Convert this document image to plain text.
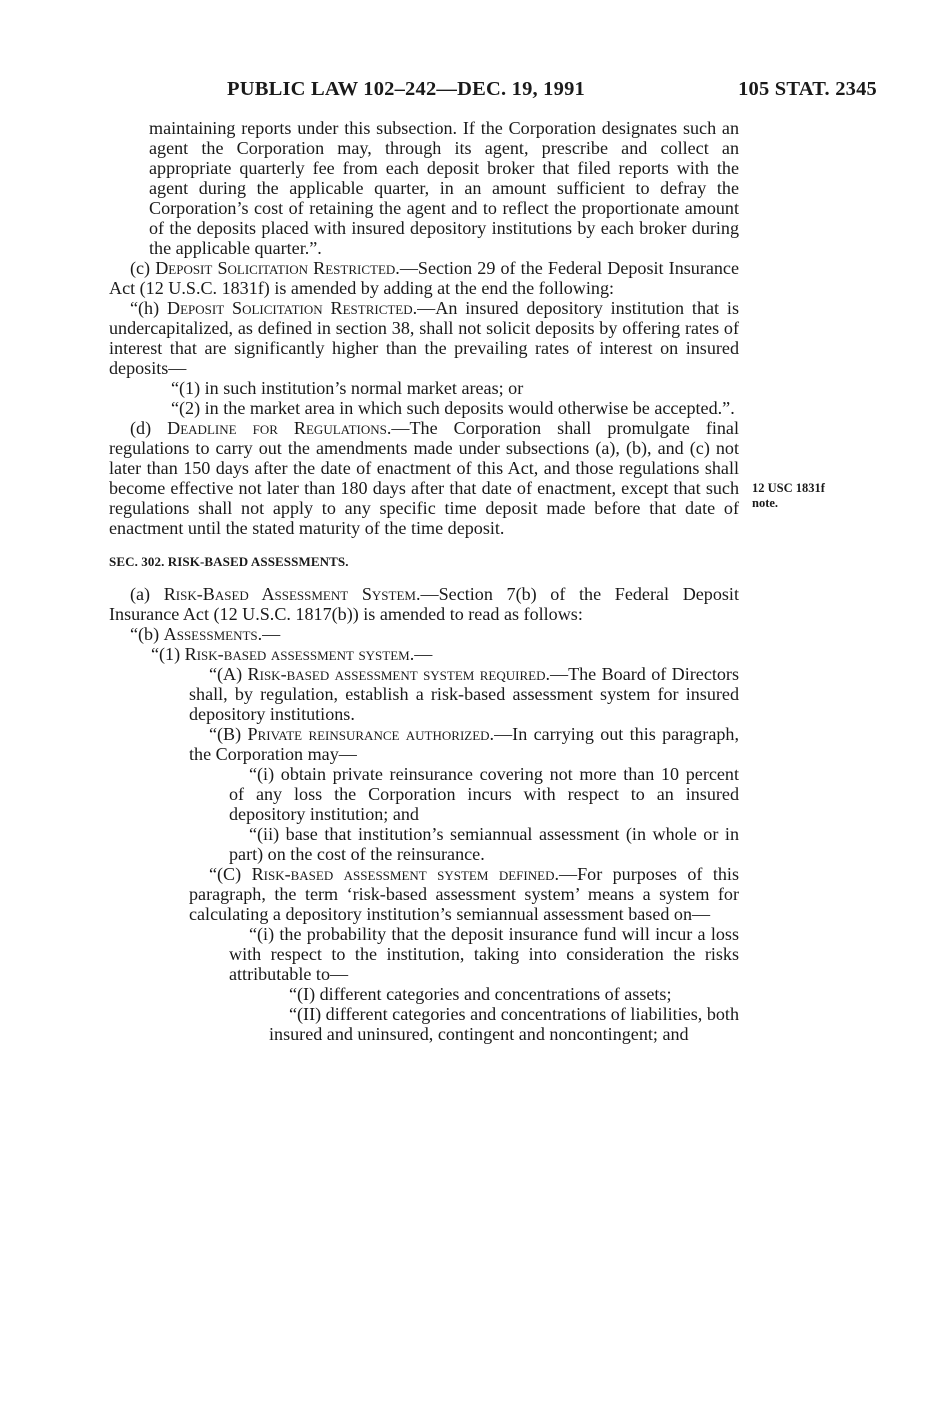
PUBLIC LAW 102–242—DEC. 19, 1991	105 STAT. 2345
12 USC 1831f
note.

maintaining reports under this subsection. If the Corporation designates such an agent the Corporation may, through its agent, prescribe and collect an appropriate quarterly fee from each deposit broker that filed reports with the agent during the applicable quarter, in an amount sufficient to defray the Corporation’s cost of retaining the agent and to reflect the proportionate amount of the deposits placed with insured depository institutions by each broker during the applicable quarter.”.

(c) Deposit Solicitation Restricted.—Section 29 of the Federal Deposit Insurance Act (12 U.S.C. 1831f) is amended by adding at the end the following:

“(h) Deposit Solicitation Restricted.—An insured depository institution that is undercapitalized, as defined in section 38, shall not solicit deposits by offering rates of interest that are significantly higher than the prevailing rates of interest on insured deposits—

“(1) in such institution’s normal market areas; or

“(2) in the market area in which such deposits would otherwise be accepted.”.

(d) Deadline for Regulations.—The Corporation shall promulgate final regulations to carry out the amendments made under subsections (a), (b), and (c) not later than 150 days after the date of enactment of this Act, and those regulations shall become effective not later than 180 days after that date of enactment, except that such regulations shall not apply to any specific time deposit made before that date of enactment until the stated maturity of the time deposit.

SEC. 302. RISK-BASED ASSESSMENTS.

(a) Risk-Based Assessment System.—Section 7(b) of the Federal Deposit Insurance Act (12 U.S.C. 1817(b)) is amended to read as follows:

“(b) Assessments.—

“(1) Risk-based assessment system.—

“(A) Risk-based assessment system required.—The Board of Directors shall, by regulation, establish a risk-based assessment system for insured depository institutions.

“(B) Private reinsurance authorized.—In carrying out this paragraph, the Corporation may—

“(i) obtain private reinsurance covering not more than 10 percent of any loss the Corporation incurs with respect to an insured depository institution; and

“(ii) base that institution’s semiannual assessment (in whole or in part) on the cost of the reinsurance.

“(C) Risk-based assessment system defined.—For purposes of this paragraph, the term ‘risk-based assessment system’ means a system for calculating a depository institution’s semiannual assessment based on—

“(i) the probability that the deposit insurance fund will incur a loss with respect to the institution, taking into consideration the risks attributable to—

“(I) different categories and concentrations of assets;

“(II) different categories and concentrations of liabilities, both insured and uninsured, contingent and noncontingent; and
